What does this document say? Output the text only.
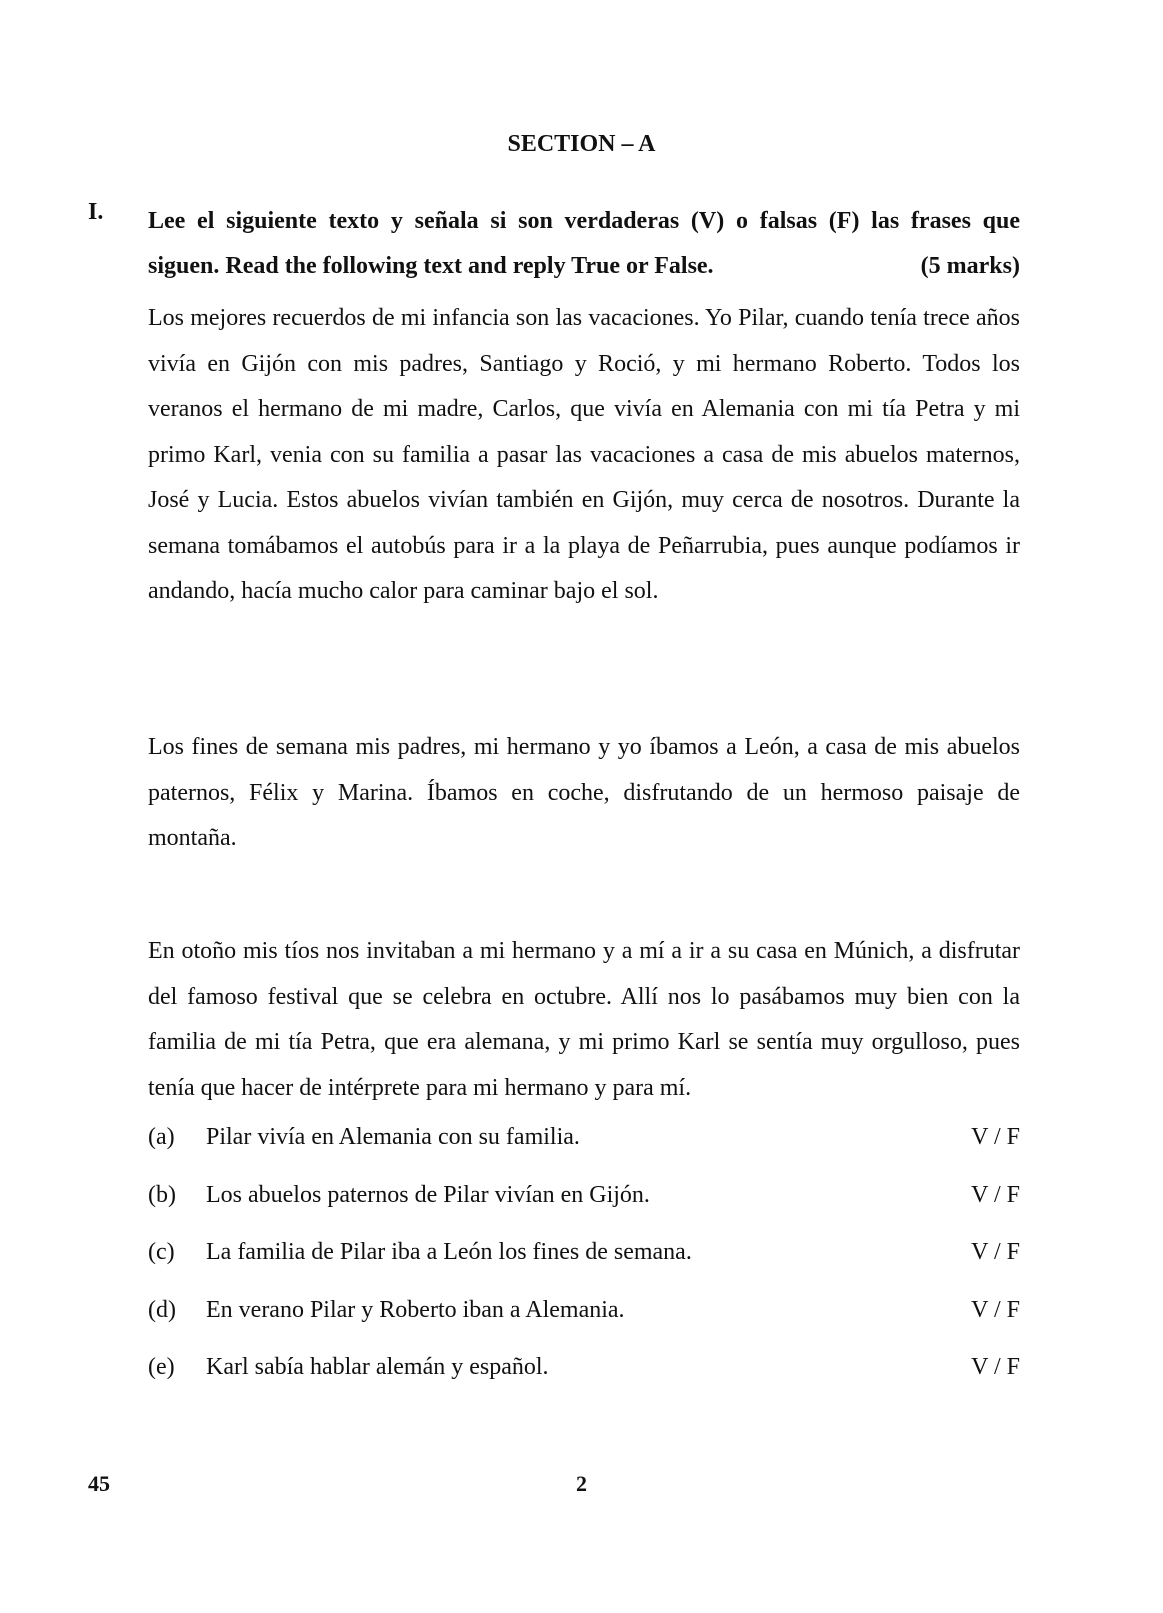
SECTION – A
I. Lee el siguiente texto y señala si son verdaderas (V) o falsas (F) las frases que
siguen. Read the following text and reply True or False.	(5 marks)

Los mejores recuerdos de mi infancia son las vacaciones. Yo Pilar, cuando tenía trece años vivía en Gijón con mis padres, Santiago y Roció, y mi hermano Roberto. Todos los veranos el hermano de mi madre, Carlos, que vivía en Alemania con mi tía Petra y mi primo Karl, venia con su familia a pasar las vacaciones a casa de mis abuelos maternos, José y Lucia. Estos abuelos vivían también en Gijón, muy cerca de nosotros. Durante la semana tomábamos el autobús para ir a la playa de Peñarrubia, pues aunque podíamos ir andando, hacía mucho calor para caminar bajo el sol.

Los fines de semana mis padres, mi hermano y yo íbamos a León, a casa de mis abuelos paternos, Félix y Marina. Íbamos en coche, disfrutando de un hermoso paisaje de montaña.

En otoño mis tíos nos invitaban a mi hermano y a mí a ir a su casa en Múnich, a disfrutar del famoso festival que se celebra en octubre. Allí nos lo pasábamos muy bien con la familia de mi tía Petra, que era alemana, y mi primo Karl se sentía muy orgulloso, pues tenía que hacer de intérprete para mi hermano y para mí.

(a)	Pilar vivía en Alemania con su familia.	V / F
(b)	Los abuelos paternos de Pilar vivían en Gijón.	V / F
(c)	La familia de Pilar iba a León los fines de semana.	V / F
(d)	En verano Pilar y Roberto iban a Alemania.	V / F
(e)	Karl sabía hablar alemán y español.	V / F
45	2
